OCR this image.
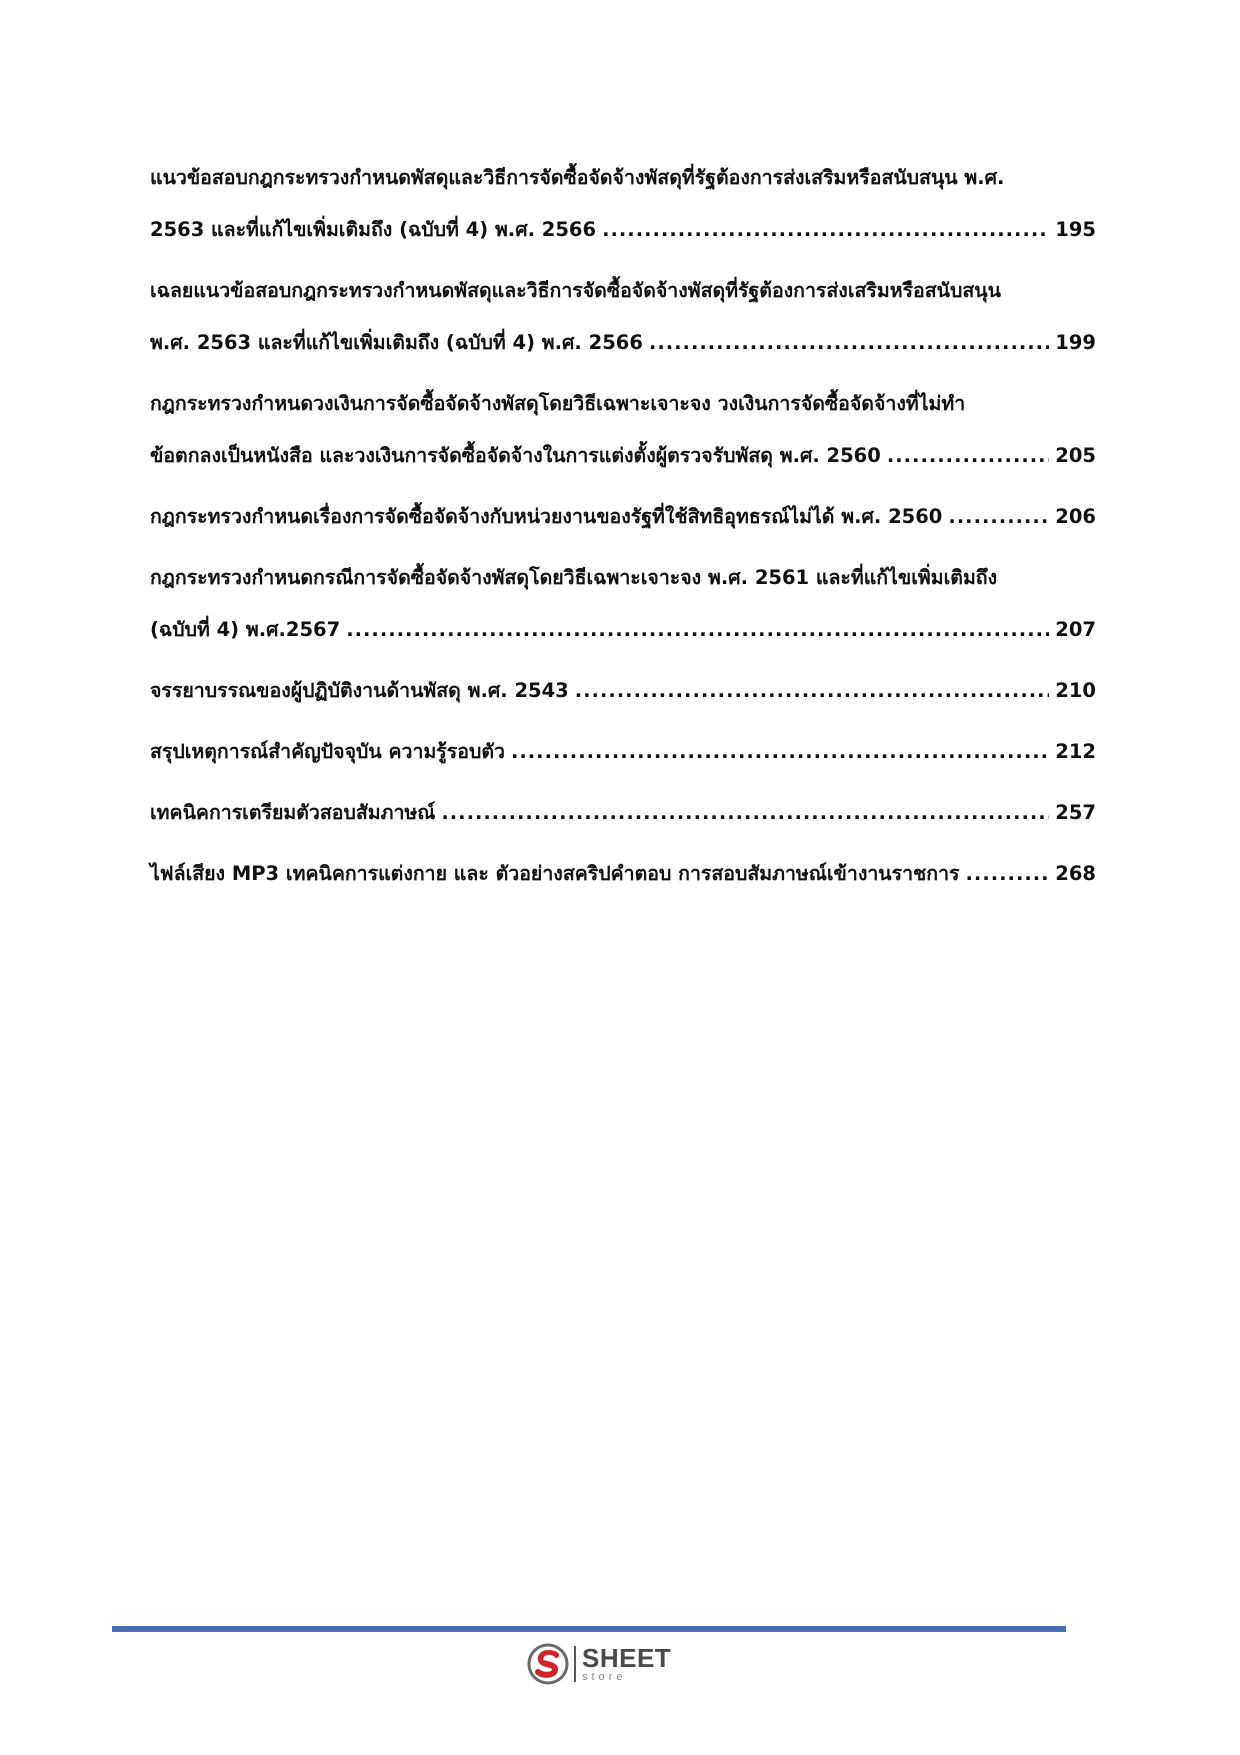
แนวข้อสอบกฎกระทรวงกำหนดพัสดุและวิธีการจัดซื้อจัดจ้างพัสดุที่รัฐต้องการส่งเสริมหรือสนับสนุน พ.ศ.
2563 และที่แก้ไขเพิ่มเติมถึง (ฉบับที่ 4) พ.ศ. 2566 .....	195
เฉลยแนวข้อสอบกฎกระทรวงกำหนดพัสดุและวิธีการจัดซื้อจัดจ้างพัสดุที่รัฐต้องการส่งเสริมหรือสนับสนุน
พ.ศ. 2563 และที่แก้ไขเพิ่มเติมถึง (ฉบับที่ 4) พ.ศ. 2566 .....	199
กฎกระทรวงกำหนดวงเงินการจัดซื้อจัดจ้างพัสดุโดยวิธีเฉพาะเจาะจง วงเงินการจัดซื้อจัดจ้างที่ไม่ทำ
ข้อตกลงเป็นหนังสือ และวงเงินการจัดซื้อจัดจ้างในการแต่งตั้งผู้ตรวจรับพัสดุ พ.ศ. 2560 .....	205
กฎกระทรวงกำหนดเรื่องการจัดซื้อจัดจ้างกับหน่วยงานของรัฐที่ใช้สิทธิอุทธรณ์ไม่ได้ พ.ศ. 2560 .....	206
กฎกระทรวงกำหนดกรณีการจัดซื้อจัดจ้างพัสดุโดยวิธีเฉพาะเจาะจง พ.ศ. 2561 และที่แก้ไขเพิ่มเติมถึง
(ฉบับที่ 4) พ.ศ.2567 .....	207
จรรยาบรรณของผู้ปฏิบัติงานด้านพัสดุ พ.ศ. 2543 .....	210
สรุปเหตุการณ์สำคัญปัจจุบัน ความรู้รอบตัว .....	212
เทคนิคการเตรียมตัวสอบสัมภาษณ์ .....	257
ไฟล์เสียง MP3 เทคนิคการแต่งกาย และ ตัวอย่างสคริปคำตอบ การสอบสัมภาษณ์เข้างานราชการ .....	268
SHEET
store
